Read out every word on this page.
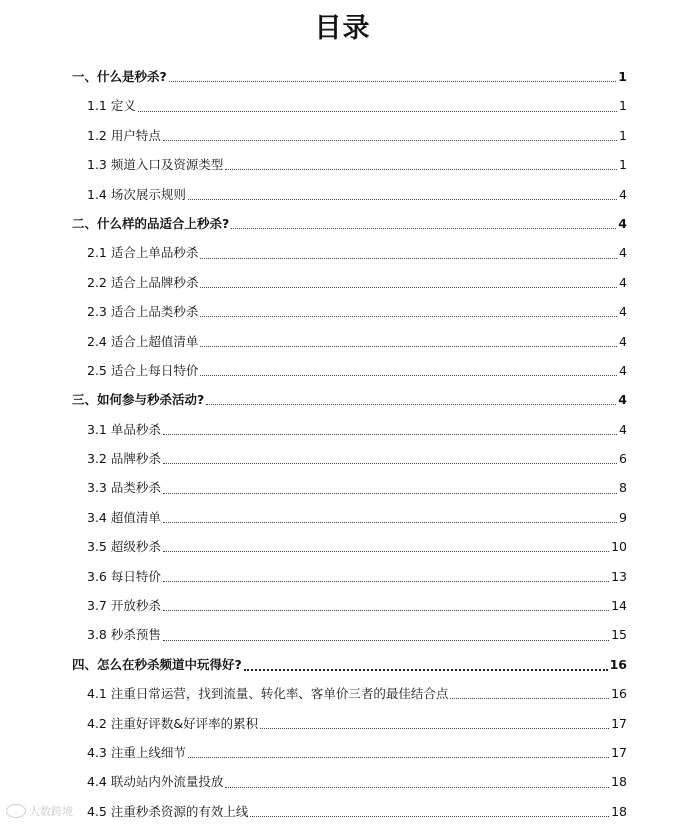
目录
一、什么是秒杀?	1
1.1 定义	1
1.2 用户特点	1
1.3 频道入口及资源类型	1
1.4 场次展示规则	4
二、什么样的品适合上秒杀?	4
2.1 适合上单品秒杀	4
2.2 适合上品牌秒杀	4
2.3 适合上品类秒杀	4
2.4 适合上超值清单	4
2.5 适合上每日特价	4
三、如何参与秒杀活动?	4
3.1 单品秒杀	4
3.2 品牌秒杀	6
3.3 品类秒杀	8
3.4 超值清单	9
3.5 超级秒杀	10
3.6 每日特价	13
3.7 开放秒杀	14
3.8 秒杀预售	15
四、怎么在秒杀频道中玩得好?	16
4.1 注重日常运营，找到流量、转化率、客单价三者的最佳结合点	16
4.2 注重好评数&好评率的累积	17
4.3 注重上线细节	17
4.4 联动站内外流量投放	18
4.5 注重秒杀资源的有效上线	18
大数跨境
